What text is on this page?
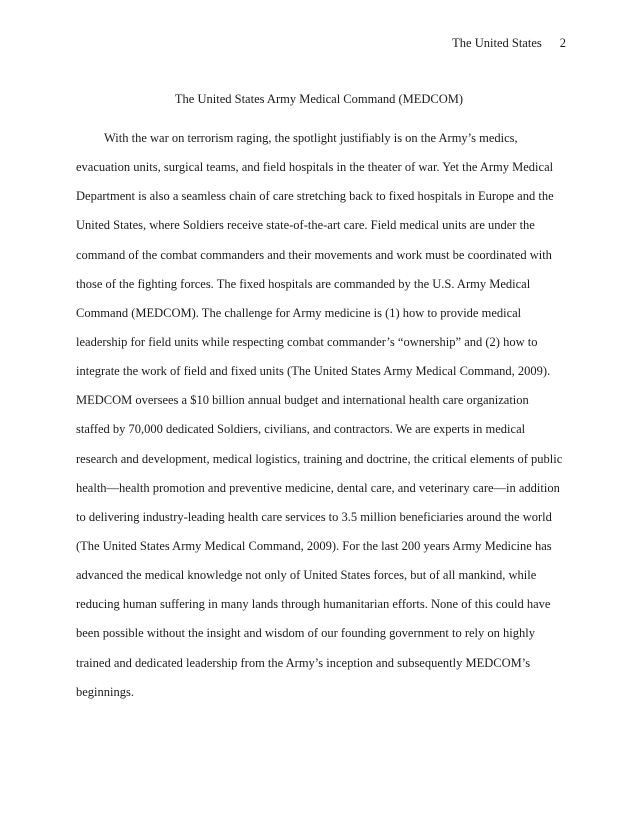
The United States 2
The United States Army Medical Command (MEDCOM)
With the war on terrorism raging, the spotlight justifiably is on the Army’s medics,
evacuation units, surgical teams, and field hospitals in the theater of war. Yet the Army Medical
Department is also a seamless chain of care stretching back to fixed hospitals in Europe and the
United States, where Soldiers receive state-of-the-art care. Field medical units are under the
command of the combat commanders and their movements and work must be coordinated with
those of the fighting forces. The fixed hospitals are commanded by the U.S. Army Medical
Command (MEDCOM). The challenge for Army medicine is (1) how to provide medical
leadership for field units while respecting combat commander’s “ownership” and (2) how to
integrate the work of field and fixed units (The United States Army Medical Command, 2009).
MEDCOM oversees a $10 billion annual budget and international health care organization
staffed by 70,000 dedicated Soldiers, civilians, and contractors. We are experts in medical
research and development, medical logistics, training and doctrine, the critical elements of public
health—health promotion and preventive medicine, dental care, and veterinary care—in addition
to delivering industry-leading health care services to 3.5 million beneficiaries around the world
(The United States Army Medical Command, 2009). For the last 200 years Army Medicine has
advanced the medical knowledge not only of United States forces, but of all mankind, while
reducing human suffering in many lands through humanitarian efforts. None of this could have
been possible without the insight and wisdom of our founding government to rely on highly
trained and dedicated leadership from the Army’s inception and subsequently MEDCOM’s
beginnings.
